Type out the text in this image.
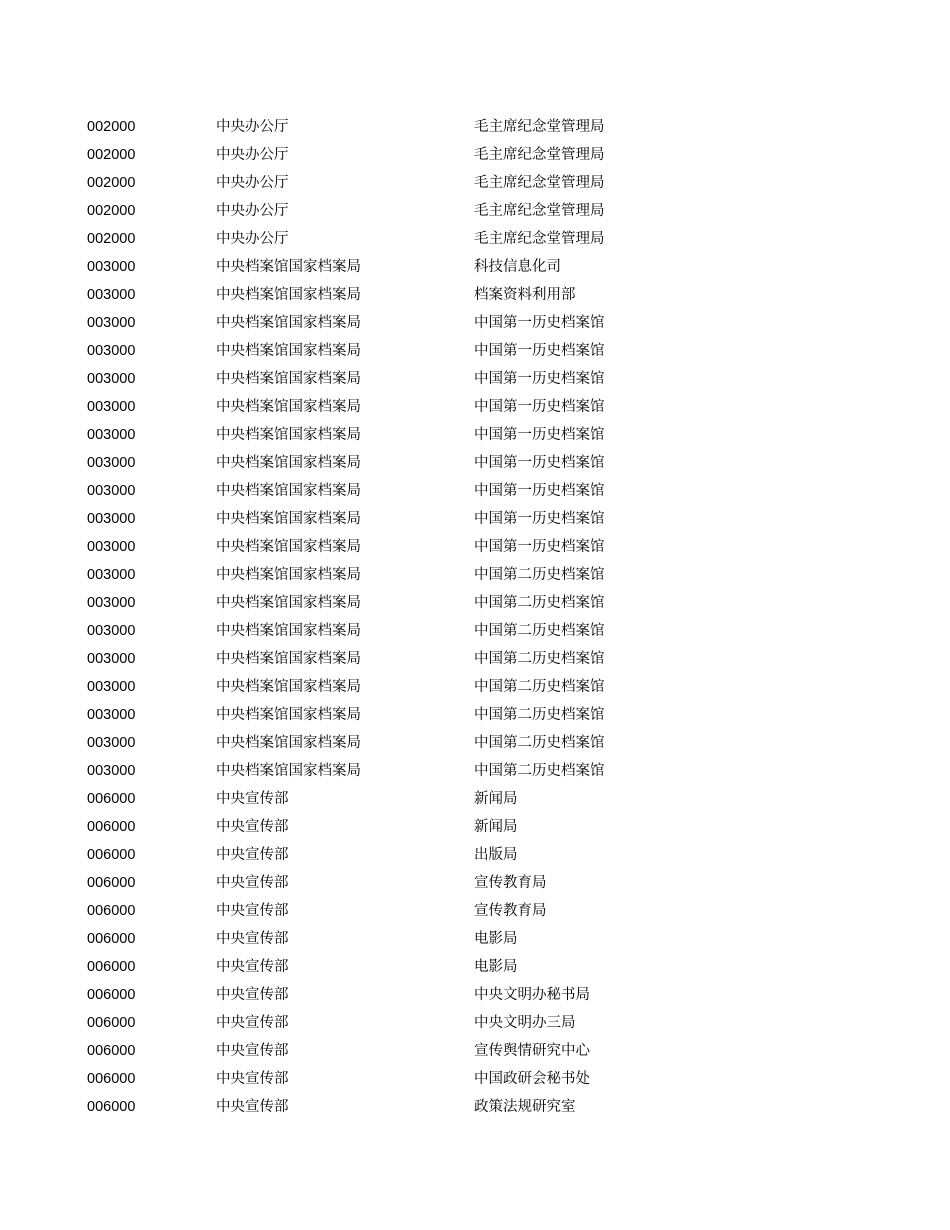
002000	中央办公厅	毛主席纪念堂管理局
002000	中央办公厅	毛主席纪念堂管理局
002000	中央办公厅	毛主席纪念堂管理局
002000	中央办公厅	毛主席纪念堂管理局
002000	中央办公厅	毛主席纪念堂管理局
003000	中央档案馆国家档案局	科技信息化司
003000	中央档案馆国家档案局	档案资料利用部
003000	中央档案馆国家档案局	中国第一历史档案馆
003000	中央档案馆国家档案局	中国第一历史档案馆
003000	中央档案馆国家档案局	中国第一历史档案馆
003000	中央档案馆国家档案局	中国第一历史档案馆
003000	中央档案馆国家档案局	中国第一历史档案馆
003000	中央档案馆国家档案局	中国第一历史档案馆
003000	中央档案馆国家档案局	中国第一历史档案馆
003000	中央档案馆国家档案局	中国第一历史档案馆
003000	中央档案馆国家档案局	中国第一历史档案馆
003000	中央档案馆国家档案局	中国第二历史档案馆
003000	中央档案馆国家档案局	中国第二历史档案馆
003000	中央档案馆国家档案局	中国第二历史档案馆
003000	中央档案馆国家档案局	中国第二历史档案馆
003000	中央档案馆国家档案局	中国第二历史档案馆
003000	中央档案馆国家档案局	中国第二历史档案馆
003000	中央档案馆国家档案局	中国第二历史档案馆
003000	中央档案馆国家档案局	中国第二历史档案馆
006000	中央宣传部	新闻局
006000	中央宣传部	新闻局
006000	中央宣传部	出版局
006000	中央宣传部	宣传教育局
006000	中央宣传部	宣传教育局
006000	中央宣传部	电影局
006000	中央宣传部	电影局
006000	中央宣传部	中央文明办秘书局
006000	中央宣传部	中央文明办三局
006000	中央宣传部	宣传舆情研究中心
006000	中央宣传部	中国政研会秘书处
006000	中央宣传部	政策法规研究室
